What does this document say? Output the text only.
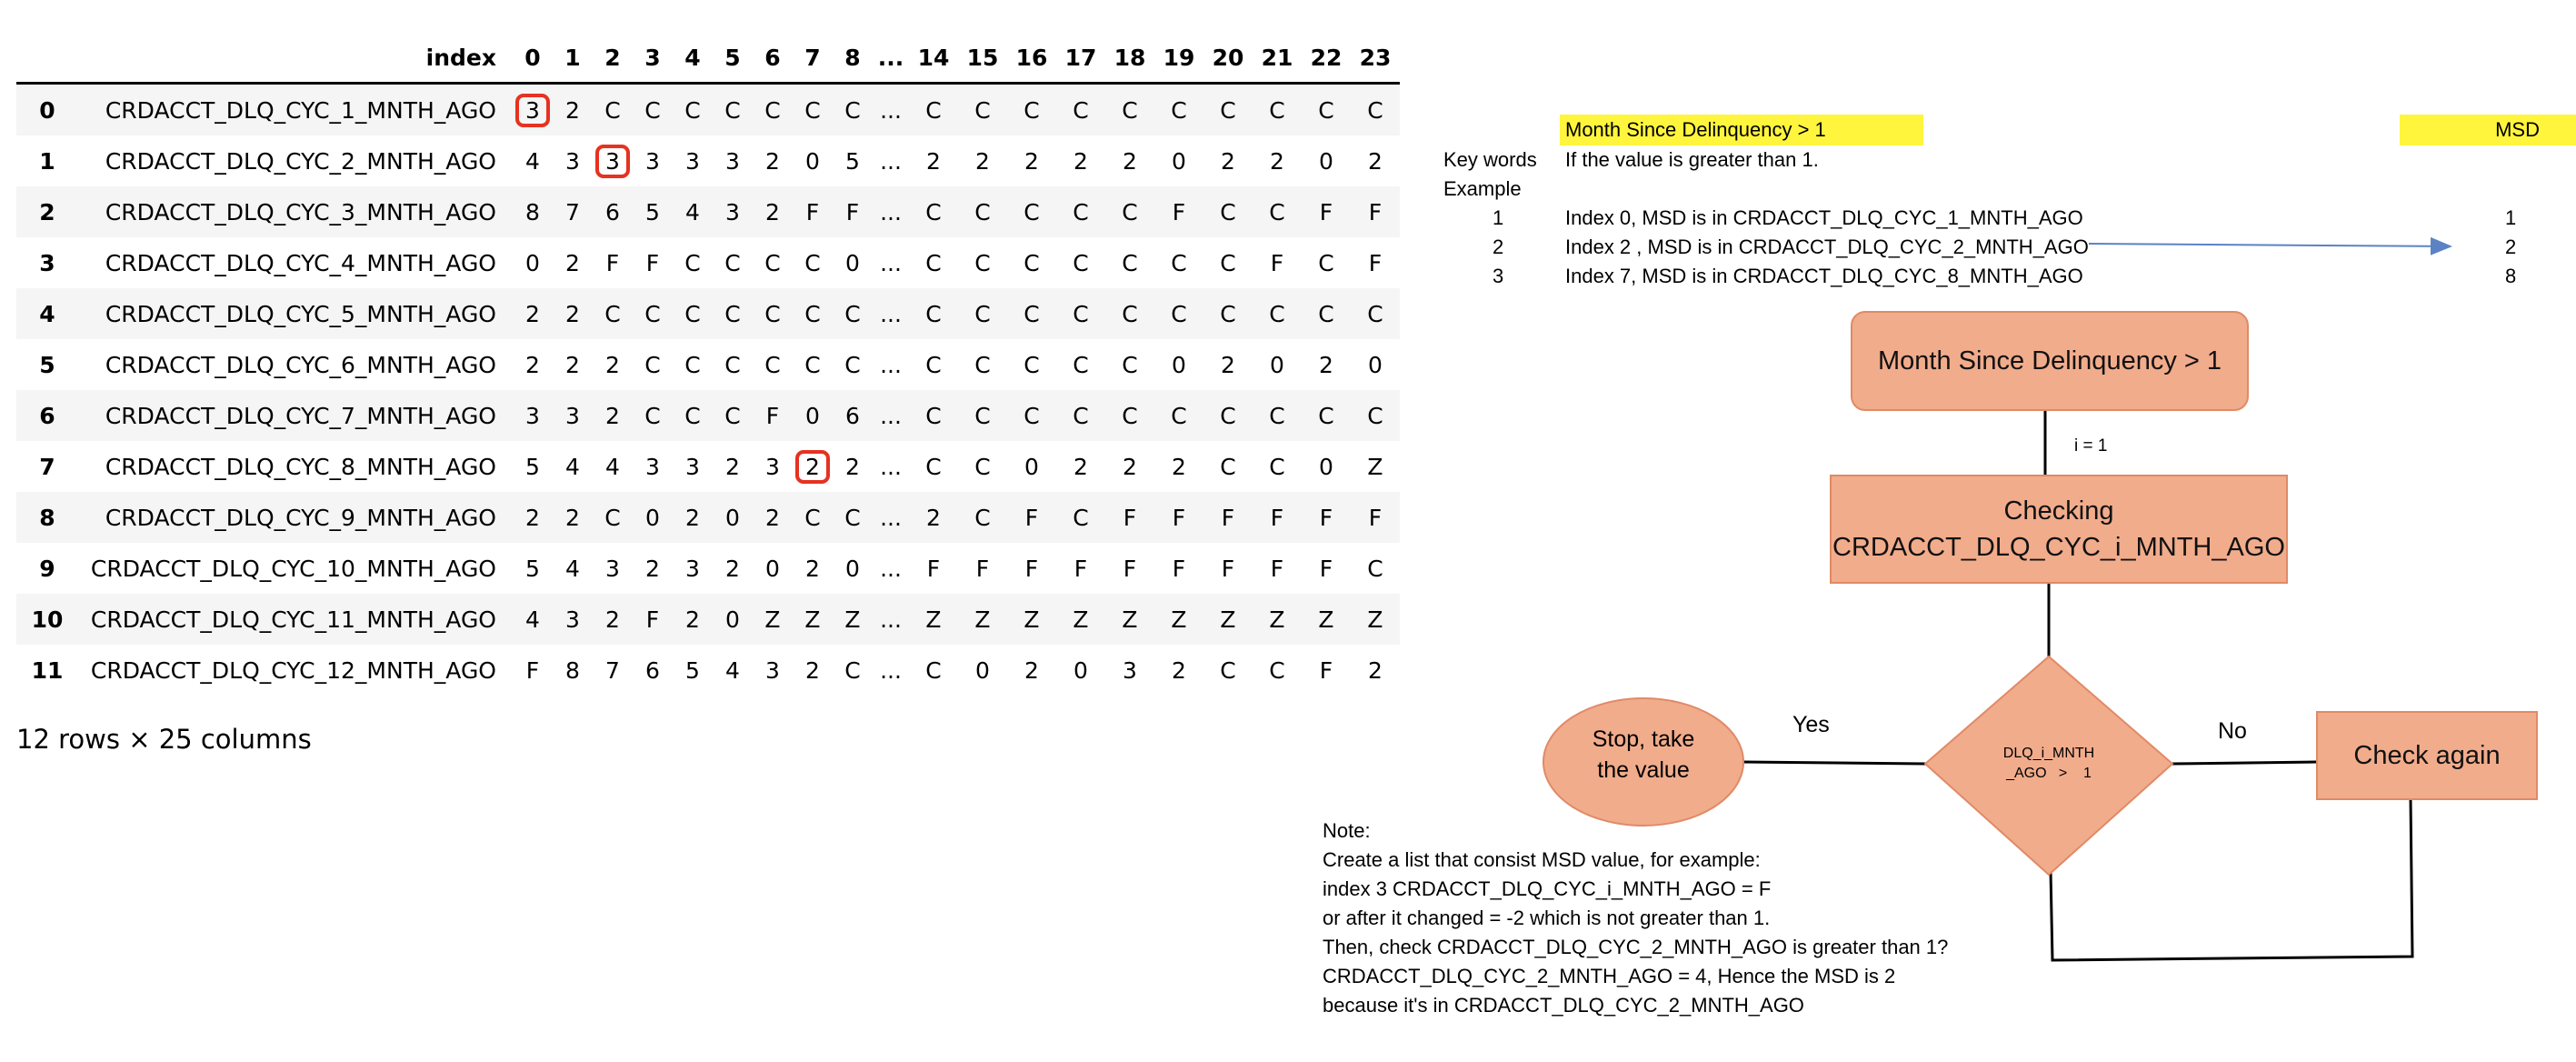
	index	0	1	2	3	4	5	6	7	8	...	14	15	16	17	18	19	20	21	22	23
0	CRDACCT_DLQ_CYC_1_MNTH_AGO	3	2	C	C	C	C	C	C	C	...	C	C	C	C	C	C	C	C	C	C
1	CRDACCT_DLQ_CYC_2_MNTH_AGO	4	3	3	3	3	3	2	0	5	...	2	2	2	2	2	0	2	2	0	2
2	CRDACCT_DLQ_CYC_3_MNTH_AGO	8	7	6	5	4	3	2	F	F	...	C	C	C	C	C	F	C	C	F	F
3	CRDACCT_DLQ_CYC_4_MNTH_AGO	0	2	F	F	C	C	C	C	0	...	C	C	C	C	C	C	C	F	C	F
4	CRDACCT_DLQ_CYC_5_MNTH_AGO	2	2	C	C	C	C	C	C	C	...	C	C	C	C	C	C	C	C	C	C
5	CRDACCT_DLQ_CYC_6_MNTH_AGO	2	2	2	C	C	C	C	C	C	...	C	C	C	C	C	0	2	0	2	0
6	CRDACCT_DLQ_CYC_7_MNTH_AGO	3	3	2	C	C	C	F	0	6	...	C	C	C	C	C	C	C	C	C	C
7	CRDACCT_DLQ_CYC_8_MNTH_AGO	5	4	4	3	3	2	3	2	2	...	C	C	0	2	2	2	C	C	0	Z
8	CRDACCT_DLQ_CYC_9_MNTH_AGO	2	2	C	0	2	0	2	C	C	...	2	C	F	C	F	F	F	F	F	F
9	CRDACCT_DLQ_CYC_10_MNTH_AGO	5	4	3	2	3	2	0	2	0	...	F	F	F	F	F	F	F	F	F	C
10	CRDACCT_DLQ_CYC_11_MNTH_AGO	4	3	2	F	2	0	Z	Z	Z	...	Z	Z	Z	Z	Z	Z	Z	Z	Z	Z
11	CRDACCT_DLQ_CYC_12_MNTH_AGO	F	8	7	6	5	4	3	2	C	...	C	0	2	0	3	2	C	C	F	2
12 rows × 25 columns
Month Since Delinquency > 1	MSD
Key words If the value is greater than 1.
Example
1	Index 0, MSD is in CRDACCT_DLQ_CYC_1_MNTH_AGO	1
2	Index 2 , MSD is in CRDACCT_DLQ_CYC_2_MNTH_AGO	2
3	Index 7, MSD is in CRDACCT_DLQ_CYC_8_MNTH_AGO	8
Month Since Delinquency > 1
i = 1
Checking
CRDACCT_DLQ_CYC_i_MNTH_AGO
DLQ_i_MNTH
_AGO   >    1
Yes	No
Stop, take
the value
Check again
Note:
Create a list that consist MSD value, for example:
index 3 CRDACCT_DLQ_CYC_i_MNTH_AGO = F
or after it changed = -2 which is not greater than 1.
Then, check CRDACCT_DLQ_CYC_2_MNTH_AGO is greater than 1?
CRDACCT_DLQ_CYC_2_MNTH_AGO = 4, Hence the MSD is 2
because it's in CRDACCT_DLQ_CYC_2_MNTH_AGO
